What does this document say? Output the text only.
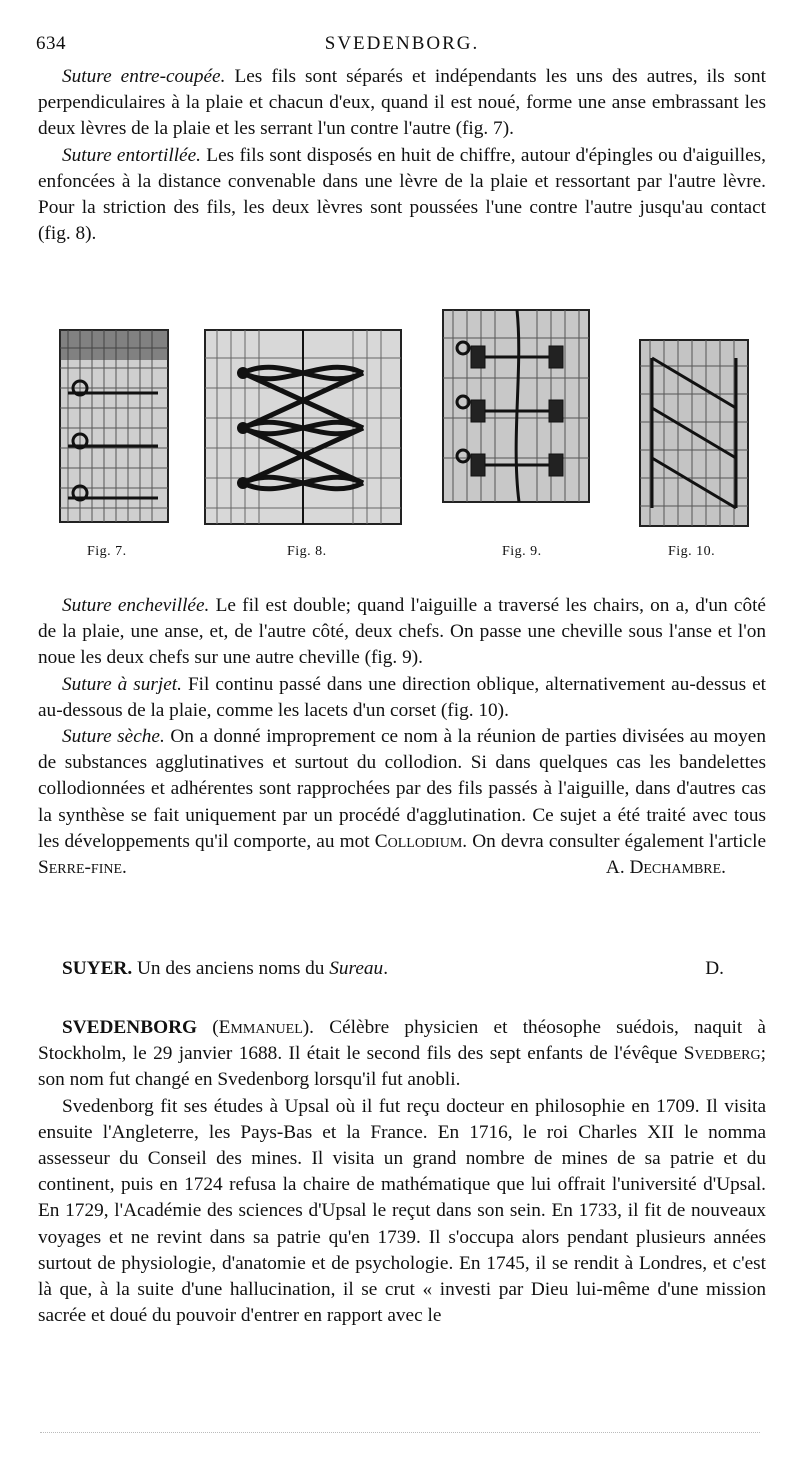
634	SVEDENBORG.

Suture entre-coupée. Les fils sont séparés et indépendants les uns des autres, ils sont perpendiculaires à la plaie et chacun d'eux, quand il est noué, forme une anse embrassant les deux lèvres de la plaie et les serrant l'un contre l'autre (fig. 7).

Suture entortillée. Les fils sont disposés en huit de chiffre, autour d'épingles ou d'aiguilles, enfoncées à la distance convenable dans une lèvre de la plaie et ressortant par l'autre lèvre. Pour la striction des fils, les deux lèvres sont poussées l'une contre l'autre jusqu'au contact (fig. 8).

Fig. 7.	Fig. 8.	Fig. 9.	Fig. 10.

Suture enchevillée. Le fil est double; quand l'aiguille a traversé les chairs, on a, d'un côté de la plaie, une anse, et, de l'autre côté, deux chefs. On passe une cheville sous l'anse et l'on noue les deux chefs sur une autre cheville (fig. 9).

Suture à surjet. Fil continu passé dans une direction oblique, alternativement au-dessus et au-dessous de la plaie, comme les lacets d'un corset (fig. 10).

Suture sèche. On a donné improprement ce nom à la réunion de parties divisées au moyen de substances agglutinatives et surtout du collodion. Si dans quelques cas les bandelettes collodionnées et adhérentes sont rapprochées par des fils passés à l'aiguille, dans d'autres cas la synthèse se fait uniquement par un procédé d'agglutination. Ce sujet a été traité avec tous les développements qu'il comporte, au mot Collodium. On devra consulter également l'article Serre-fine.	A. Dechambre.

SUYER. Un des anciens noms du Sureau.	D.

SVEDENBORG (Emmanuel). Célèbre physicien et théosophe suédois, naquit à Stockholm, le 29 janvier 1688. Il était le second fils des sept enfants de l'évêque Svedberg; son nom fut changé en Svedenborg lorsqu'il fut anobli.

Svedenborg fit ses études à Upsal où il fut reçu docteur en philosophie en 1709. Il visita ensuite l'Angleterre, les Pays-Bas et la France. En 1716, le roi Charles XII le nomma assesseur du Conseil des mines. Il visita un grand nombre de mines de sa patrie et du continent, puis en 1724 refusa la chaire de mathématique que lui offrait l'université d'Upsal. En 1729, l'Académie des sciences d'Upsal le reçut dans son sein. En 1733, il fit de nouveaux voyages et ne revint dans sa patrie qu'en 1739. Il s'occupa alors pendant plusieurs années surtout de physiologie, d'anatomie et de psychologie. En 1745, il se rendit à Londres, et c'est là que, à la suite d'une hallucination, il se crut « investi par Dieu lui-même d'une mission sacrée et doué du pouvoir d'entrer en rapport avec le
